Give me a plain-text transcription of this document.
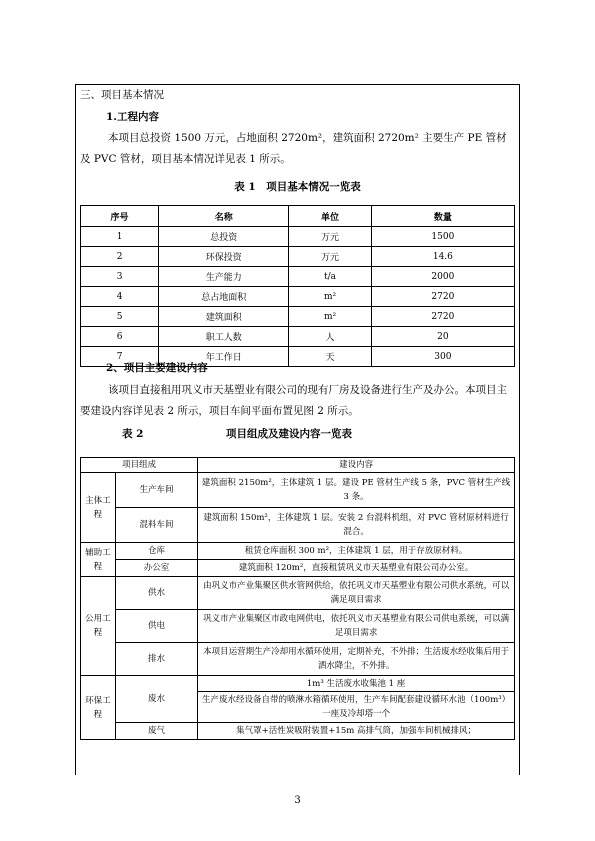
三、项目基本情况
1.工程内容
本项目总投资 1500 万元，占地面积 2720m²，建筑面积 2720m² 主要生产 PE 管材及 PVC 管材，项目基本情况详见表 1 所示。
表 1　项目基本情况一览表
序号	名称	单位	数量
1	总投资	万元	1500
2	环保投资	万元	14.6
3	生产能力	t/a	2000
4	总占地面积	m²	2720
5	建筑面积	m²	2720
6	职工人数	人	20
7	年工作日	天	300
2、项目主要建设内容
该项目直接租用巩义市天基塑业有限公司的现有厂房及设备进行生产及办公。本项目主要建设内容详见表 2 所示，项目车间平面布置见图 2 所示。
表 2	项目组成及建设内容一览表
项目组成		建设内容
主体工程	生产车间	建筑面积 2150m²，主体建筑 1 层。建设 PE 管材生产线 5 条，PVC 管材生产线 3 条。
	混料车间	建筑面积 150m²，主体建筑 1 层。安装 2 台混料机组，对 PVC 管材原材料进行混合。
辅助工程	仓库	租赁仓库面积 300 m²，主体建筑 1 层，用于存放原材料。
	办公室	建筑面积 120m²，直接租赁巩义市天基塑业有限公司办公室。
公用工程	供水	由巩义市产业集聚区供水管网供给，依托巩义市天基塑业有限公司供水系统，可以满足项目需求
	供电	巩义市产业集聚区市政电网供电，依托巩义市天基塑业有限公司供电系统，可以满足项目需求
	排水	本项目运营期生产冷却用水循环使用，定期补充，不外排；生活废水经收集后用于洒水降尘，不外排。
环保工程	废水	1m³ 生活废水收集池 1 座
		生产废水经设备自带的喷淋水箱循环使用，生产车间配套建设循环水池（100m³）一座及冷却塔一个
	废气	集气罩+活性炭吸附装置+15m 高排气筒，加强车间机械排风；
3
